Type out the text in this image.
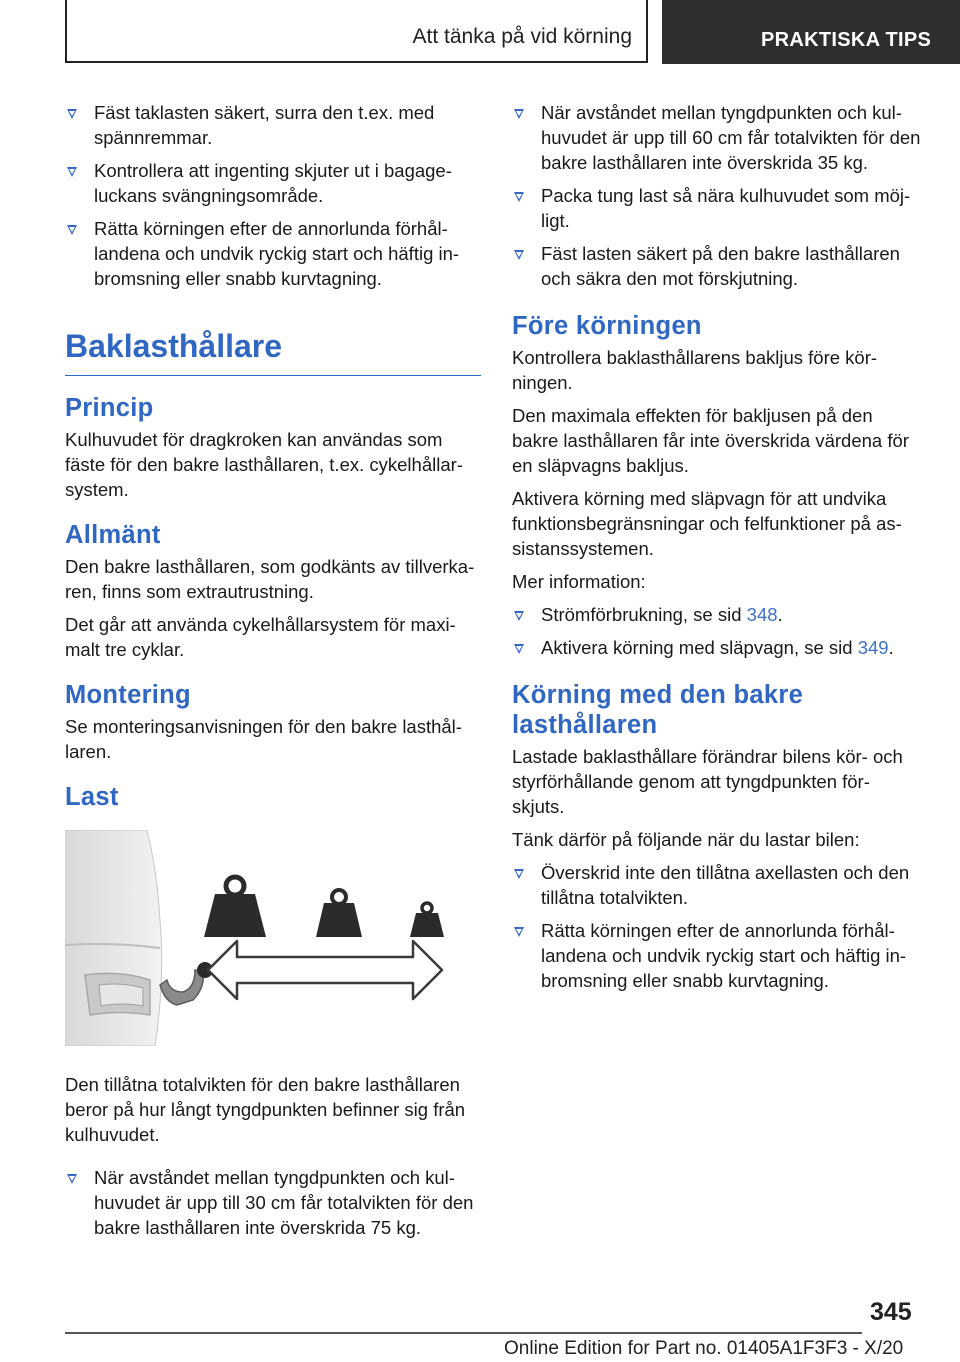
Att tänka på vid körning	PRAKTISKA TIPS
Fäst taklasten säkert, surra den t.ex. med spännremmar.
Kontrollera att ingenting skjuter ut i bagage-luckans svängningsområde.
Rätta körningen efter de annorlunda förhål-landena och undvik ryckig start och häftig in-bromsning eller snabb kurvtagning.
Baklasthållare
Princip

Kulhuvudet för dragkroken kan användas som fäste för den bakre lasthållaren, t.ex. cykelhållar-system.

Allmänt

Den bakre lasthållaren, som godkänts av tillverka-ren, finns som extrautrustning.

Det går att använda cykelhållarsystem för maxi-malt tre cyklar.

Montering

Se monteringsanvisningen för den bakre lasthål-laren.

Last

Den tillåtna totalvikten för den bakre lasthållaren beror på hur långt tyngdpunkten befinner sig från kulhuvudet.

När avståndet mellan tyngdpunkten och kul-huvudet är upp till 30 cm får totalvikten för den bakre lasthållaren inte överskrida 75 kg.
När avståndet mellan tyngdpunkten och kul-huvudet är upp till 60 cm får totalvikten för den bakre lasthållaren inte överskrida 35 kg.
Packa tung last så nära kulhuvudet som möj-ligt.
Fäst lasten säkert på den bakre lasthållaren och säkra den mot förskjutning.
Före körningen

Kontrollera baklasthållarens bakljus före kör-ningen.

Den maximala effekten för bakljusen på den bakre lasthållaren får inte överskrida värdena för en släpvagns bakljus.

Aktivera körning med släpvagn för att undvika funktionsbegränsningar och felfunktioner på as-sistanssystemen.

Mer information:

Strömförbrukning, se sid 348.
Aktivera körning med släpvagn, se sid 349.
Körning med den bakre
lasthållaren

Lastade baklasthållare förändrar bilens kör- och styrförhållande genom att tyngdpunkten för-skjuts.

Tänk därför på följande när du lastar bilen:

Överskrid inte den tillåtna axellasten och den tillåtna totalvikten.
Rätta körningen efter de annorlunda förhål-landena och undvik ryckig start och häftig in-bromsning eller snabb kurvtagning.
345
Online Edition for Part no. 01405A1F3F3 - X/20
